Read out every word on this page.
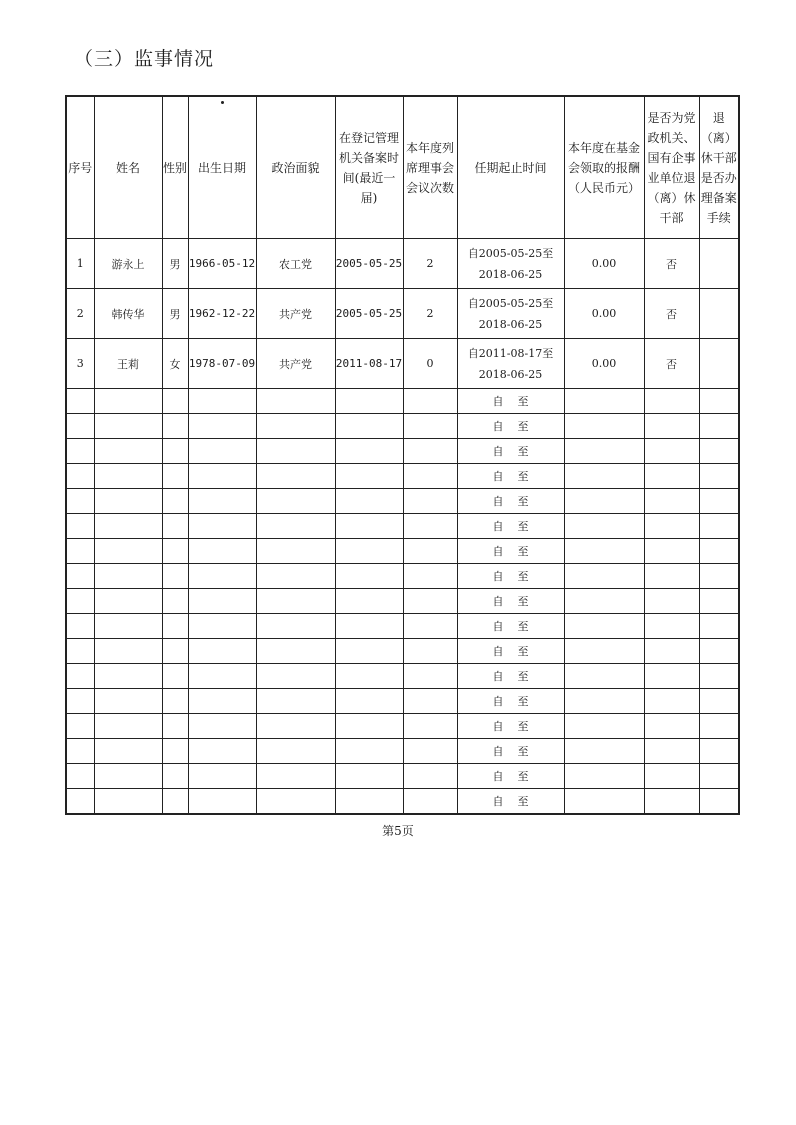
（三）监事情况
序号	姓名	性别	出生日期	政治面貌	在登记管理机关备案时间(最近一届)	本年度列席理事会会议次数	任期起止时间	本年度在基金会领取的报酬（人民币元）	是否为党政机关、国有企事业单位退（离）休干部	退（离）休干部是否办理备案手续
1	游永上	男	1966-05-12	农工党	2005-05-25	2	自2005-05-25至
2018-06-25	0.00	否	
2	韩传华	男	1962-12-22	共产党	2005-05-25	2	自2005-05-25至
2018-06-25	0.00	否	
3	王莉	女	1978-07-09	共产党	2011-08-17	0	自2011-08-17至
2018-06-25	0.00	否	
							自 至			
							自 至			
							自 至			
							自 至			
							自 至			
							自 至			
							自 至			
							自 至			
							自 至			
							自 至			
							自 至			
							自 至			
							自 至			
							自 至			
							自 至			
							自 至			
							自 至			
第5页
